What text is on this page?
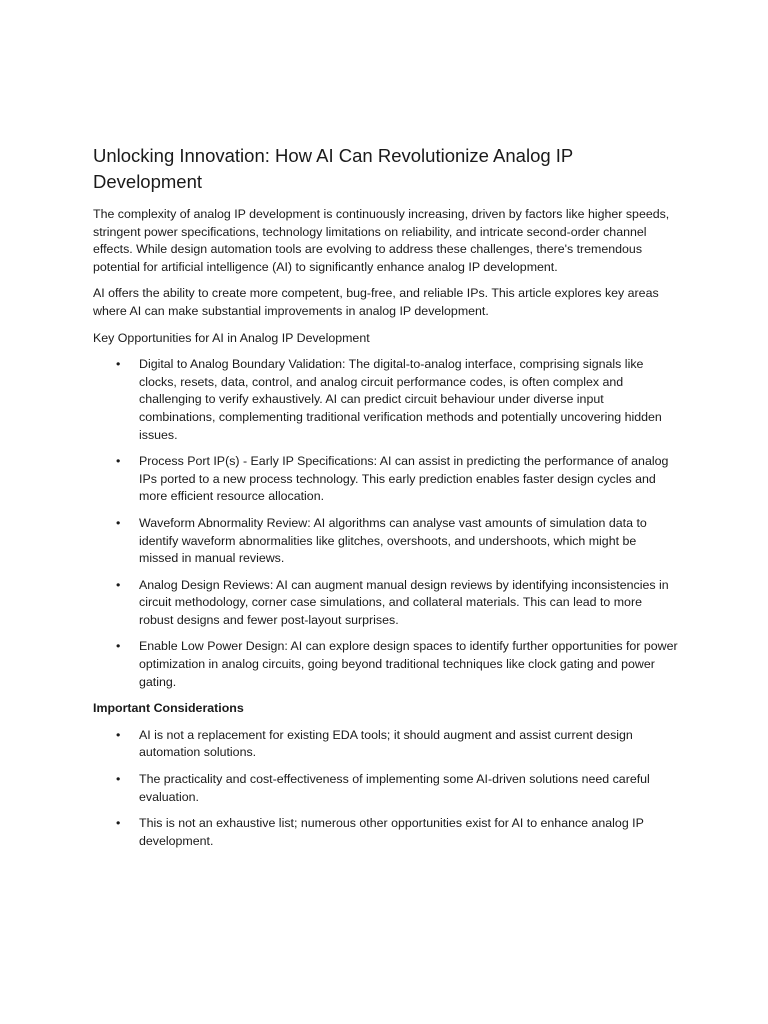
Unlocking Innovation: How AI Can Revolutionize Analog IP Development

The complexity of analog IP development is continuously increasing, driven by factors like higher speeds, stringent power specifications, technology limitations on reliability, and intricate second-order channel effects. While design automation tools are evolving to address these challenges, there's tremendous potential for artificial intelligence (AI) to significantly enhance analog IP development.

AI offers the ability to create more competent, bug-free, and reliable IPs. This article explores key areas where AI can make substantial improvements in analog IP development.

Key Opportunities for AI in Analog IP Development

• Digital to Analog Boundary Validation: The digital-to-analog interface, comprising signals like clocks, resets, data, control, and analog circuit performance codes, is often complex and challenging to verify exhaustively. AI can predict circuit behaviour under diverse input combinations, complementing traditional verification methods and potentially uncovering hidden issues.
• Process Port IP(s) - Early IP Specifications: AI can assist in predicting the performance of analog IPs ported to a new process technology. This early prediction enables faster design cycles and more efficient resource allocation.
• Waveform Abnormality Review: AI algorithms can analyse vast amounts of simulation data to identify waveform abnormalities like glitches, overshoots, and undershoots, which might be missed in manual reviews.
• Analog Design Reviews: AI can augment manual design reviews by identifying inconsistencies in circuit methodology, corner case simulations, and collateral materials. This can lead to more robust designs and fewer post-layout surprises.
• Enable Low Power Design: AI can explore design spaces to identify further opportunities for power optimization in analog circuits, going beyond traditional techniques like clock gating and power gating.

Important Considerations

• AI is not a replacement for existing EDA tools; it should augment and assist current design automation solutions.
• The practicality and cost-effectiveness of implementing some AI-driven solutions need careful evaluation.
• This is not an exhaustive list; numerous other opportunities exist for AI to enhance analog IP development.
